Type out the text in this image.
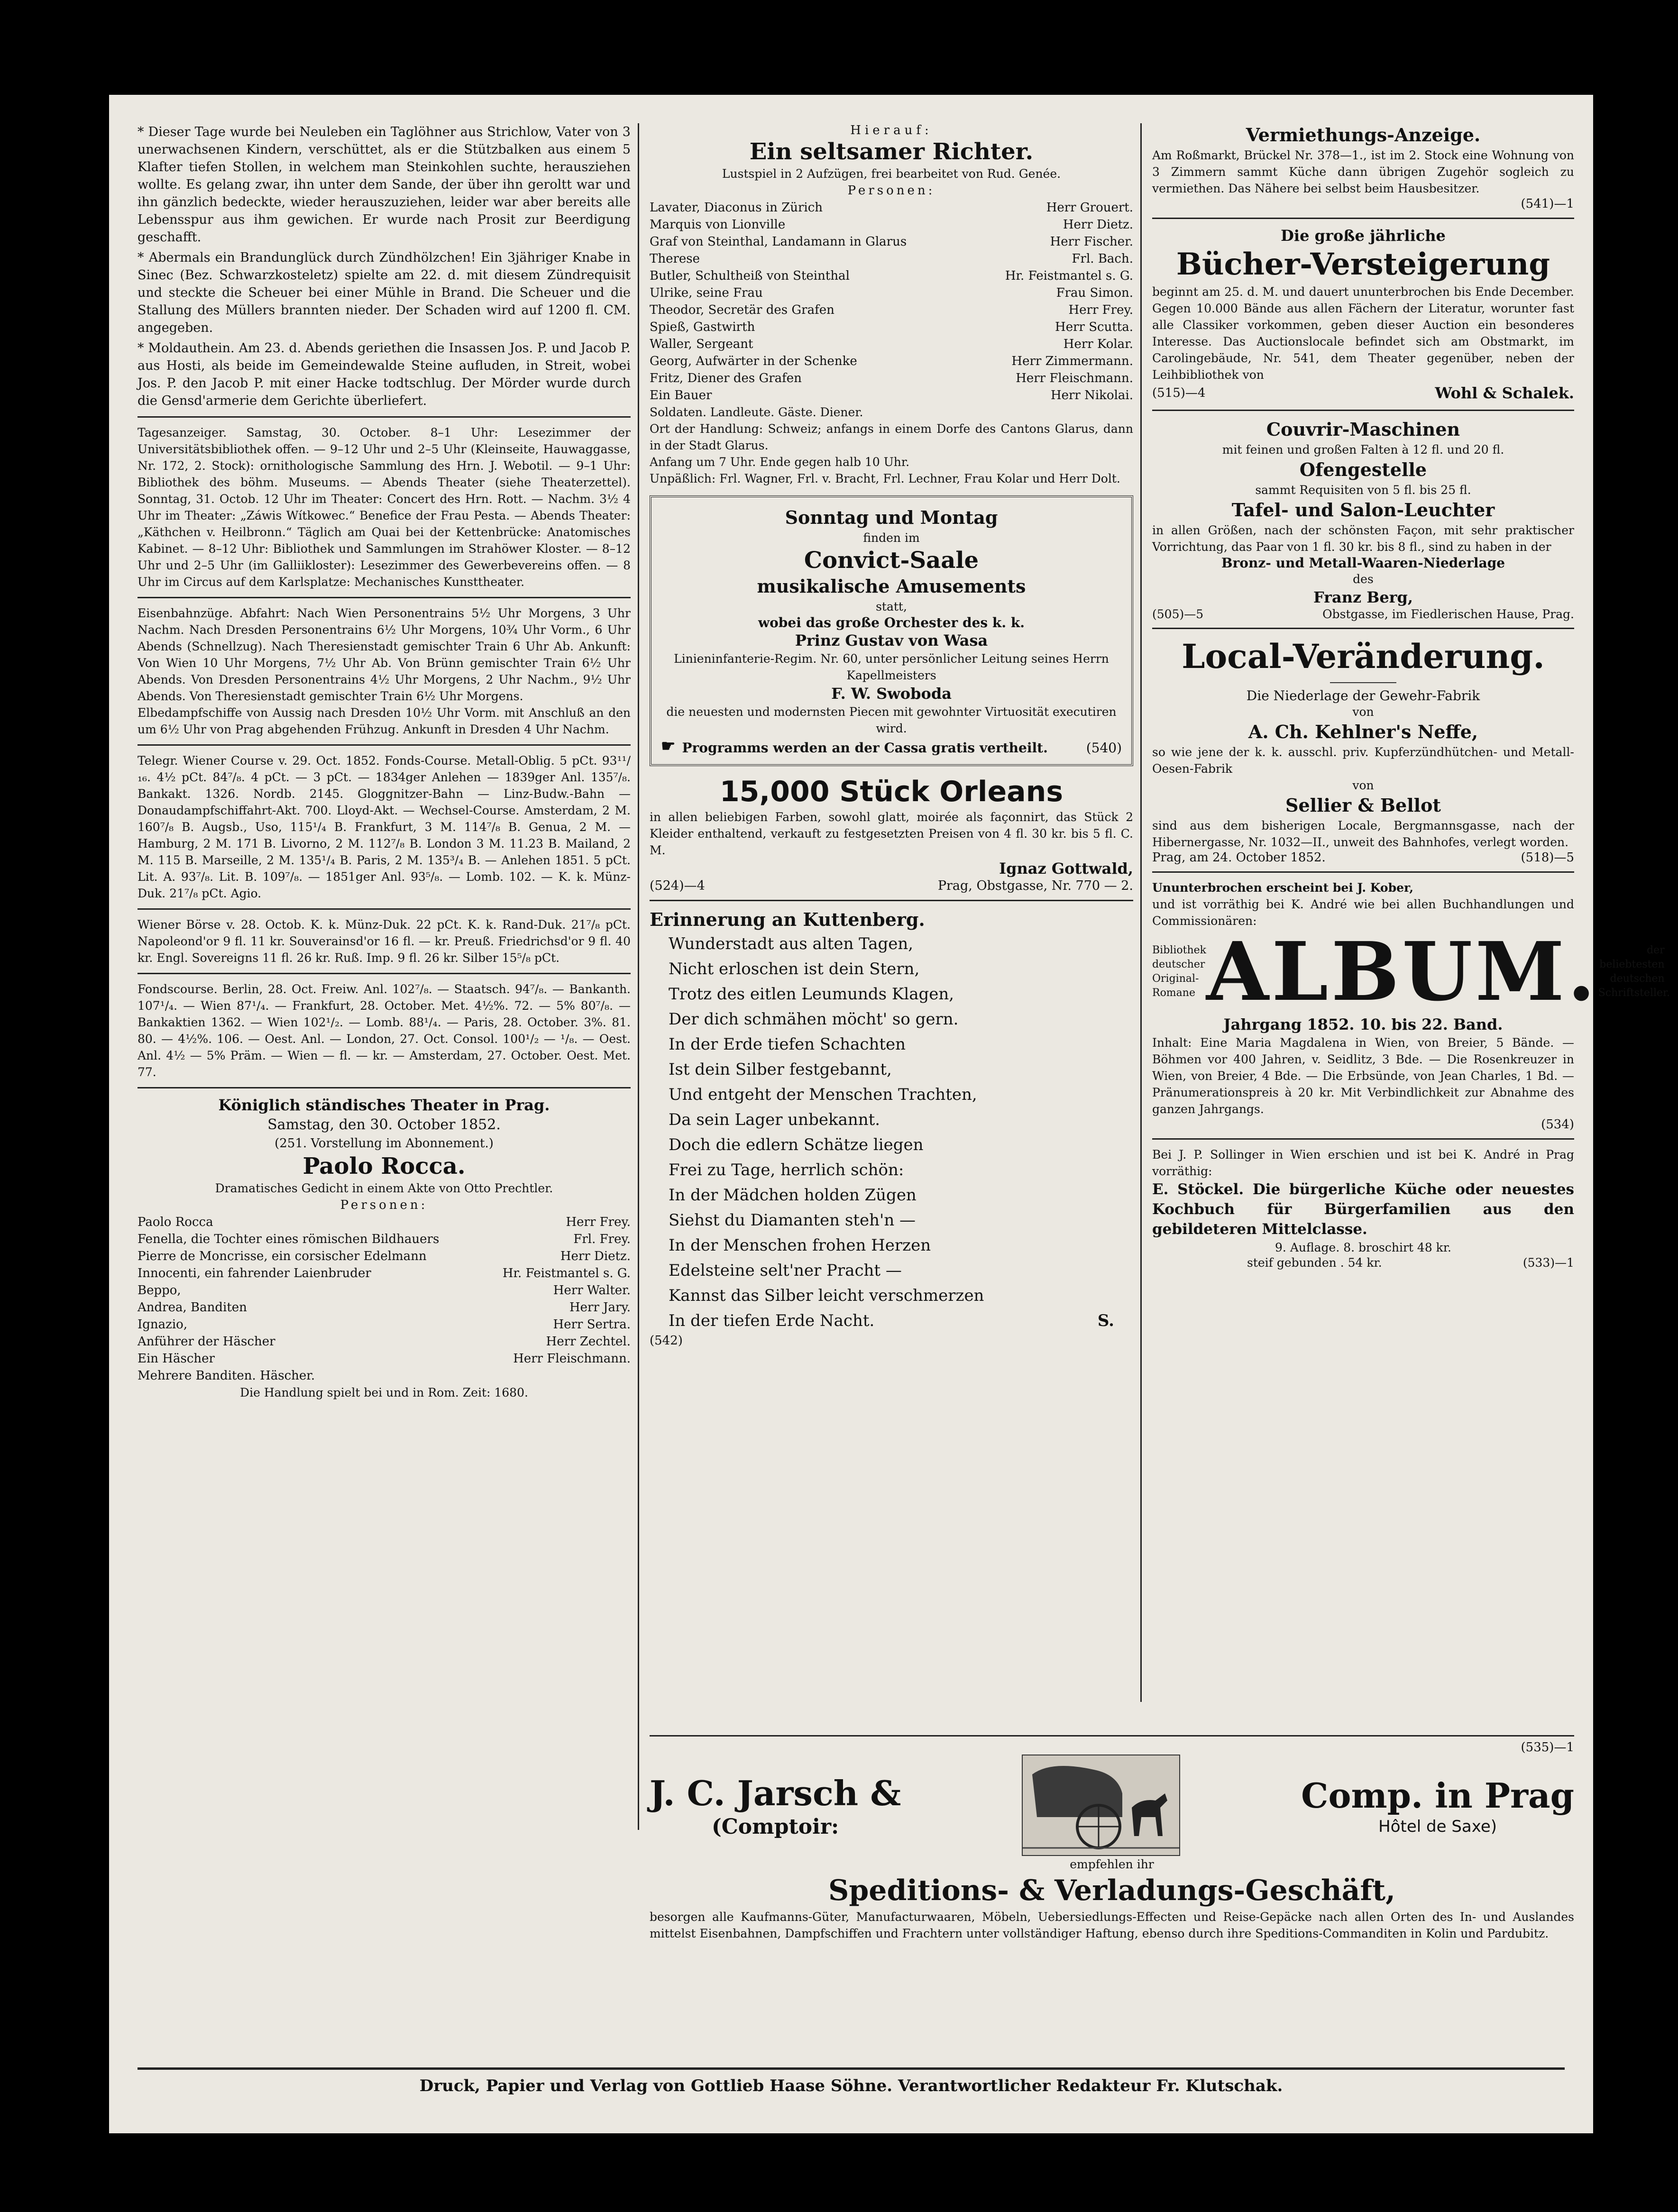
* Dieser Tage wurde bei Neuleben ein Taglöhner aus Strichlow, Vater von 3 unerwachsenen Kindern, verschüttet, als er die Stützbalken aus einem 5 Klafter tiefen Stollen, in welchem man Steinkohlen suchte, herausziehen wollte. Es gelang zwar, ihn unter dem Sande, der über ihn geroltt war und ihn gänzlich bedeckte, wieder herauszuziehen, leider war aber bereits alle Lebensspur aus ihm gewichen. Er wurde nach Prosit zur Beerdigung geschafft.

* Abermals ein Brandunglück durch Zündhölzchen! Ein 3jähriger Knabe in Sinec (Bez. Schwarzkosteletz) spielte am 22. d. mit diesem Zündrequisit und steckte die Scheuer bei einer Mühle in Brand. Die Scheuer und die Stallung des Müllers brannten nieder. Der Schaden wird auf 1200 fl. CM. angegeben.

* Moldauthein. Am 23. d. Abends geriethen die Insassen Jos. P. und Jacob P. aus Hosti, als beide im Gemeindewalde Steine aufluden, in Streit, wobei Jos. P. den Jacob P. mit einer Hacke todtschlug. Der Mörder wurde durch die Gensd'armerie dem Gerichte überliefert.

Tagesanzeiger. Samstag, 30. October. 8–1 Uhr: Lesezimmer der Universitätsbibliothek offen. — 9–12 Uhr und 2–5 Uhr (Kleinseite, Hauwaggasse, Nr. 172, 2. Stock): ornithologische Sammlung des Hrn. J. Webotil. — 9–1 Uhr: Bibliothek des böhm. Museums. — Abends Theater (siehe Theaterzettel). Sonntag, 31. Octob. 12 Uhr im Theater: Concert des Hrn. Rott. — Nachm. 3½ 4 Uhr im Theater: „Záwis Wítkowec.“ Benefice der Frau Pesta. — Abends Theater: „Käthchen v. Heilbronn.“ Täglich am Quai bei der Kettenbrücke: Anatomisches Kabinet. — 8–12 Uhr: Bibliothek und Sammlungen im Strahöwer Kloster. — 8–12 Uhr und 2–5 Uhr (im Galliikloster): Lesezimmer des Gewerbevereins offen. — 8 Uhr im Circus auf dem Karlsplatze: Mechanisches Kunsttheater.

Eisenbahnzüge. Abfahrt: Nach Wien Personentrains 5½ Uhr Morgens, 3 Uhr Nachm. Nach Dresden Personentrains 6½ Uhr Morgens, 10¾ Uhr Vorm., 6 Uhr Abends (Schnellzug). Nach Theresienstadt gemischter Train 6 Uhr Ab. Ankunft: Von Wien 10 Uhr Morgens, 7½ Uhr Ab. Von Brünn gemischter Train 6½ Uhr Abends. Von Dresden Personentrains 4½ Uhr Morgens, 2 Uhr Nachm., 9½ Uhr Abends. Von Theresienstadt gemischter Train 6½ Uhr Morgens.

Elbedampfschiffe von Aussig nach Dresden 10½ Uhr Vorm. mit Anschluß an den um 6½ Uhr von Prag abgehenden Frühzug. Ankunft in Dresden 4 Uhr Nachm.

Telegr. Wiener Course v. 29. Oct. 1852. Fonds-Course. Metall-Oblig. 5 pCt. 93¹¹/₁₆. 4½ pCt. 84⁷/₈. 4 pCt. — 3 pCt. — 1834ger Anlehen — 1839ger Anl. 135⁷/₈. Bankakt. 1326. Nordb. 2145. Gloggnitzer-Bahn — Linz-Budw.-Bahn — Donaudampfschiffahrt-Akt. 700. Lloyd-Akt. — Wechsel-Course. Amsterdam, 2 M. 160⁷/₈ B. Augsb., Uso, 115¹/₄ B. Frankfurt, 3 M. 114⁷/₈ B. Genua, 2 M. — Hamburg, 2 M. 171 B. Livorno, 2 M. 112⁷/₈ B. London 3 M. 11.23 B. Mailand, 2 M. 115 B. Marseille, 2 M. 135¹/₄ B. Paris, 2 M. 135³/₄ B. — Anlehen 1851. 5 pCt. Lit. A. 93⁷/₈. Lit. B. 109⁷/₈. — 1851ger Anl. 93⁵/₈. — Lomb. 102. — K. k. Münz-Duk. 21⁷/₈ pCt. Agio.

Wiener Börse v. 28. Octob. K. k. Münz-Duk. 22 pCt. K. k. Rand-Duk. 21⁷/₈ pCt. Napoleond'or 9 fl. 11 kr. Souverainsd'or 16 fl. — kr. Preuß. Friedrichsd'or 9 fl. 40 kr. Engl. Sovereigns 11 fl. 26 kr. Ruß. Imp. 9 fl. 26 kr. Silber 15⁵/₈ pCt.

Fondscourse. Berlin, 28. Oct. Freiw. Anl. 102⁷/₈. — Staatsch. 94⁷/₈. — Bankanth. 107¹/₄. — Wien 87¹/₄. — Frankfurt, 28. October. Met. 4½%. 72. — 5% 80⁷/₈. — Bankaktien 1362. — Wien 102¹/₂. — Lomb. 88¹/₄. — Paris, 28. October. 3%. 81. 80. — 4½%. 106. — Oest. Anl. — London, 27. Oct. Consol. 100¹/₂ — ¹/₈. — Oest. Anl. 4½ — 5% Präm. — Wien — fl. — kr. — Amsterdam, 27. October. Oest. Met. 77.

Königlich ständisches Theater in Prag.
Samstag, den 30. October 1852.
(251. Vorstellung im Abonnement.)
Paolo Rocca.
Dramatisches Gedicht in einem Akte von Otto Prechtler.
Personen:
Paolo Rocca	Herr Frey.
Fenella, die Tochter eines römischen Bildhauers	Frl. Frey.
Pierre de Moncrisse, ein corsischer Edelmann	Herr Dietz.
Innocenti, ein fahrender Laienbruder	Hr. Feistmantel s. G.
Beppo,	Herr Walter.
Andrea, Banditen	Herr Jary.
Ignazio,	Herr Sertra.
Anführer der Häscher	Herr Zechtel.
Ein Häscher	Herr Fleischmann.
Mehrere Banditen. Häscher.
Die Handlung spielt bei und in Rom. Zeit: 1680.
Hierauf:
Ein seltsamer Richter.
Lustspiel in 2 Aufzügen, frei bearbeitet von Rud. Genée.
Personen:
Lavater, Diaconus in Zürich	Herr Grouert.
Marquis von Lionville	Herr Dietz.
Graf von Steinthal, Landamann in Glarus	Herr Fischer.
Therese	Frl. Bach.
Butler, Schultheiß von Steinthal	Hr. Feistmantel s. G.
Ulrike, seine Frau	Frau Simon.
Theodor, Secretär des Grafen	Herr Frey.
Spieß, Gastwirth	Herr Scutta.
Waller, Sergeant	Herr Kolar.
Georg, Aufwärter in der Schenke	Herr Zimmermann.
Fritz, Diener des Grafen	Herr Fleischmann.
Ein Bauer	Herr Nikolai.

Soldaten. Landleute. Gäste. Diener.

Ort der Handlung: Schweiz; anfangs in einem Dorfe des Cantons Glarus, dann in der Stadt Glarus.

Anfang um 7 Uhr. Ende gegen halb 10 Uhr.

Unpäßlich: Frl. Wagner, Frl. v. Bracht, Frl. Lechner, Frau Kolar und Herr Dolt.

Sonntag und Montag
finden im
Convict-Saale
musikalische Amusements
statt,
wobei das große Orchester des k. k.
Prinz Gustav von Wasa
Linieninfanterie-Regim. Nr. 60, unter persönlicher Leitung seines Herrn Kapellmeisters
F. W. Swoboda
die neuesten und modernsten Piecen mit gewohnter Virtuosität executiren wird.
☛ Programms werden an der Cassa gratis vertheilt.	(540)
15,000 Stück Orleans

in allen beliebigen Farben, sowohl glatt, moirée als façonnirt, das Stück 2 Kleider enthaltend, verkauft zu festgesetzten Preisen von 4 fl. 30 kr. bis 5 fl. C. M.

Ignaz Gottwald,
(524)—4	Prag, Obstgasse, Nr. 770 — 2.
Erinnerung an Kuttenberg.
Wunderstadt aus alten Tagen,
Nicht erloschen ist dein Stern,
Trotz des eitlen Leumunds Klagen,
Der dich schmähen möcht' so gern.
In der Erde tiefen Schachten
Ist dein Silber festgebannt,
Und entgeht der Menschen Trachten,
Da sein Lager unbekannt.
Doch die edlern Schätze liegen
Frei zu Tage, herrlich schön:
In der Mädchen holden Zügen
Siehst du Diamanten steh'n —
In der Menschen frohen Herzen
Edelsteine selt'ner Pracht —
Kannst das Silber leicht verschmerzen
In der tiefen Erde Nacht.	S.
(542)
Vermiethungs-Anzeige.

Am Roßmarkt, Brückel Nr. 378—1., ist im 2. Stock eine Wohnung von 3 Zimmern sammt Küche dann übrigen Zugehör sogleich zu vermiethen. Das Nähere bei selbst beim Hausbesitzer.

(541)—1
Die große jährliche
Bücher-Versteigerung

beginnt am 25. d. M. und dauert ununterbrochen bis Ende December. Gegen 10.000 Bände aus allen Fächern der Literatur, worunter fast alle Classiker vorkommen, geben dieser Auction ein besonderes Interesse. Das Auctionslocale befindet sich am Obstmarkt, im Carolingebäude, Nr. 541, dem Theater gegenüber, neben der Leihbibliothek von

(515)—4	Wohl & Schalek.
Couvrir-Maschinen
mit feinen und großen Falten à 12 fl. und 20 fl.
Ofengestelle
sammt Requisiten von 5 fl. bis 25 fl.
Tafel- und Salon-Leuchter

in allen Größen, nach der schönsten Façon, mit sehr praktischer Vorrichtung, das Paar von 1 fl. 30 kr. bis 8 fl., sind zu haben in der

Bronz- und Metall-Waaren-Niederlage
des
Franz Berg,
(505)—5	Obstgasse, im Fiedlerischen Hause, Prag.
Local-Veränderung.
Die Niederlage der Gewehr-Fabrik
von
A. Ch. Kehlner's Neffe,

so wie jene der k. k. ausschl. priv. Kupferzündhütchen- und Metall-Oesen-Fabrik

von
Sellier & Bellot

sind aus dem bisherigen Locale, Bergmannsgasse, nach der Hibernergasse, Nr. 1032—II., unweit des Bahnhofes, verlegt worden.

Prag, am 24. October 1852.	(518)—5

Ununterbrochen erscheint bei J. Kober,

und ist vorräthig bei K. André wie bei allen Buchhandlungen und Commissionären:

Bibliothek deutscher Original-Romane ALBUM.	der beliebtesten deutschen Schriftsteller.
Jahrgang 1852. 10. bis 22. Band.

Inhalt: Eine Maria Magdalena in Wien, von Breier, 5 Bände. — Böhmen vor 400 Jahren, v. Seidlitz, 3 Bde. — Die Rosenkreuzer in Wien, von Breier, 4 Bde. — Die Erbsünde, von Jean Charles, 1 Bd. — Pränumerationspreis à 20 kr. Mit Verbindlichkeit zur Abnahme des ganzen Jahrgangs.

(534)

Bei J. P. Sollinger in Wien erschien und ist bei K. André in Prag vorräthig:

E. Stöckel. Die bürgerliche Küche oder neuestes Kochbuch für Bürgerfamilien aus den gebildeteren Mittelclasse.

9. Auflage. 8. broschirt 48 kr.
steif gebunden . 54 kr.	(533)—1
(535)—1
J. C. Jarsch &
(Comptoir:
Comp. in Prag
Hôtel de Saxe)
empfehlen ihr
Speditions- & Verladungs-Geschäft,

besorgen alle Kaufmanns-Güter, Manufacturwaaren, Möbeln, Uebersiedlungs-Effecten und Reise-Gepäcke nach allen Orten des In- und Auslandes mittelst Eisenbahnen, Dampfschiffen und Frachtern unter vollständiger Haftung, ebenso durch ihre Speditions-Commanditen in Kolin und Pardubitz.

Druck, Papier und Verlag von Gottlieb Haase Söhne. Verantwortlicher Redakteur Fr. Klutschak.
